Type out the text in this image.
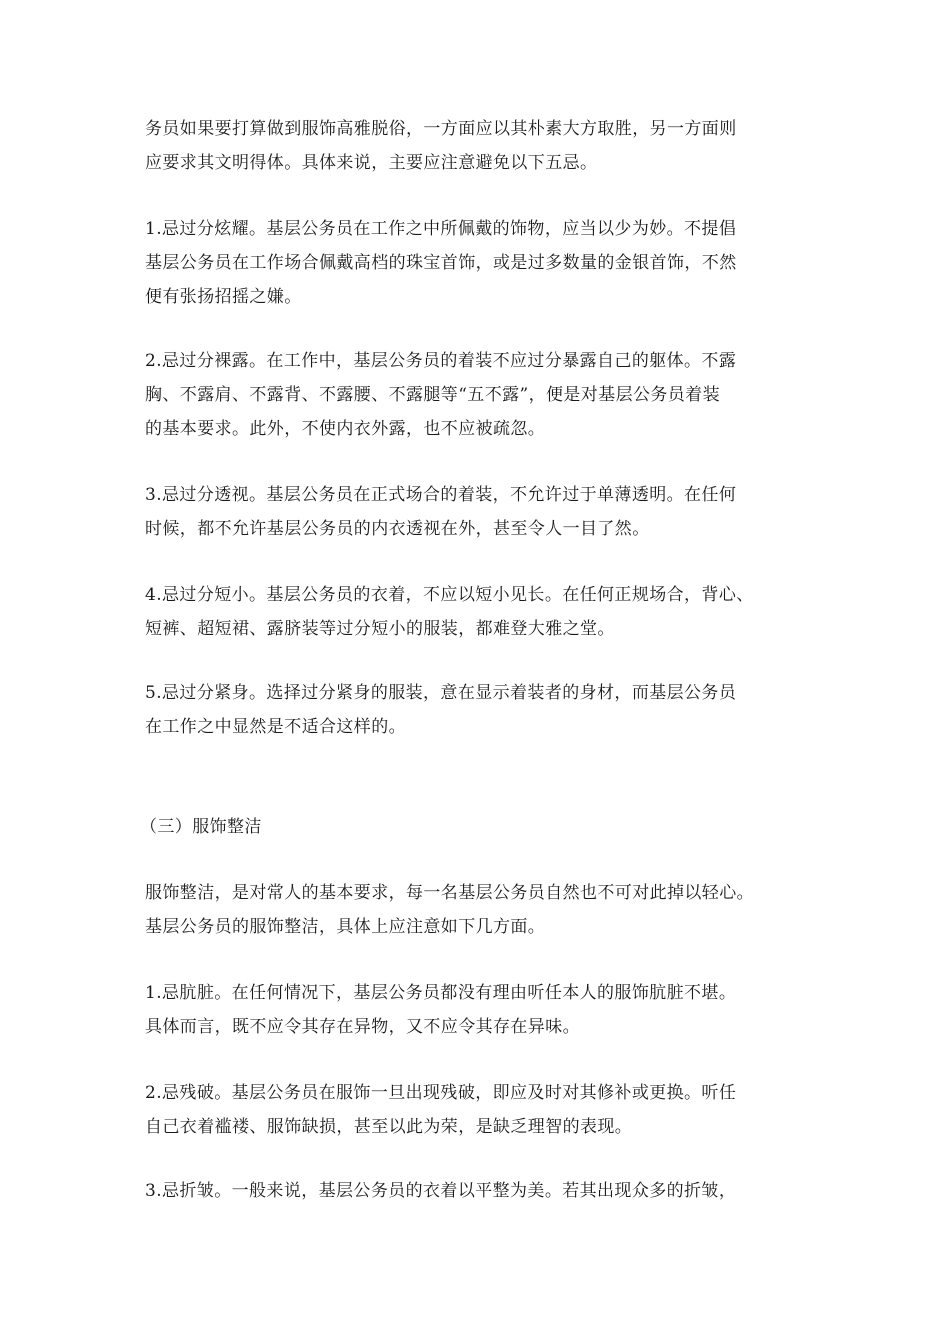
务员如果要打算做到服饰高雅脱俗，一方面应以其朴素大方取胜，另一方面则
应要求其文明得体。具体来说，主要应注意避免以下五忌。

1.忌过分炫耀。基层公务员在工作之中所佩戴的饰物，应当以少为妙。不提倡
基层公务员在工作场合佩戴高档的珠宝首饰，或是过多数量的金银首饰，不然
便有张扬招摇之嫌。

2.忌过分裸露。在工作中，基层公务员的着装不应过分暴露自己的躯体。不露
胸、不露肩、不露背、不露腰、不露腿等“五不露”，便是对基层公务员着装
的基本要求。此外，不使内衣外露，也不应被疏忽。

3.忌过分透视。基层公务员在正式场合的着装，不允许过于单薄透明。在任何
时候，都不允许基层公务员的内衣透视在外，甚至令人一目了然。

4.忌过分短小。基层公务员的衣着，不应以短小见长。在任何正规场合，背心、
短裤、超短裙、露脐装等过分短小的服装，都难登大雅之堂。

5.忌过分紧身。选择过分紧身的服装，意在显示着装者的身材，而基层公务员
在工作之中显然是不适合这样的。

（三）服饰整洁

服饰整洁，是对常人的基本要求，每一名基层公务员自然也不可对此掉以轻心。
基层公务员的服饰整洁，具体上应注意如下几方面。

1.忌肮脏。在任何情况下，基层公务员都没有理由听任本人的服饰肮脏不堪。
具体而言，既不应令其存在异物，又不应令其存在异味。

2.忌残破。基层公务员在服饰一旦出现残破，即应及时对其修补或更换。听任
自己衣着褴褛、服饰缺损，甚至以此为荣，是缺乏理智的表现。

3.忌折皱。一般来说，基层公务员的衣着以平整为美。若其出现众多的折皱，
